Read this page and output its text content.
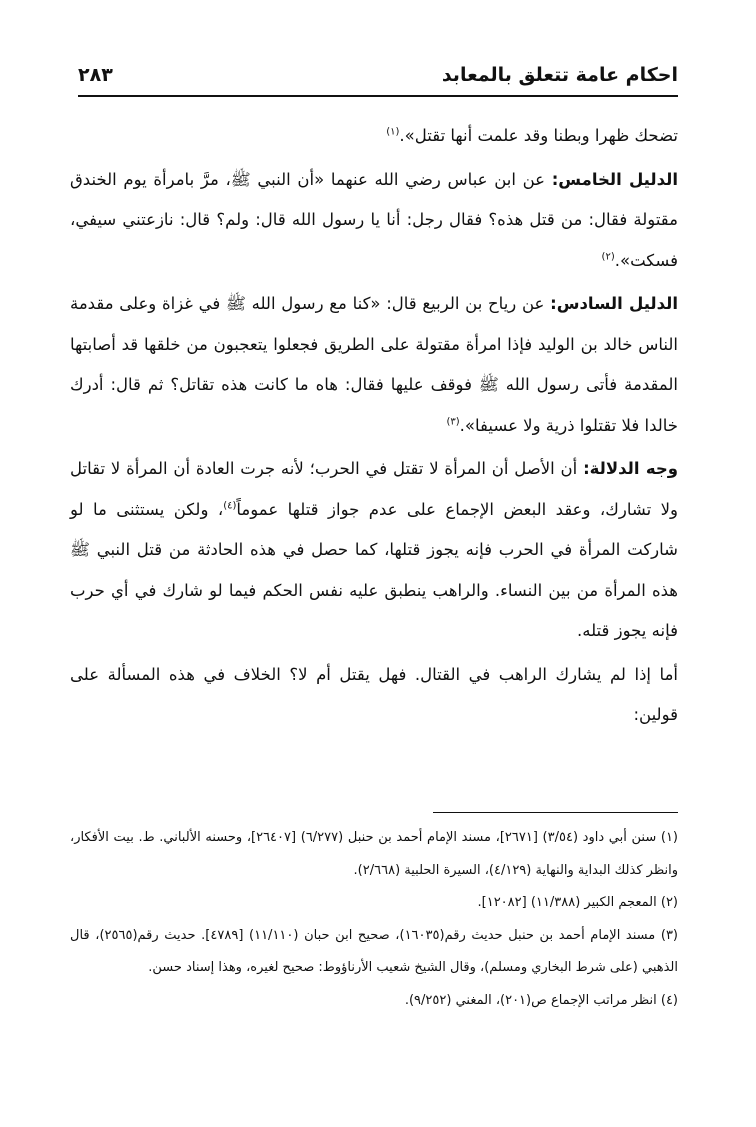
احكام عامة تتعلق بالمعابد
٢٨٣

تضحك ظهرا وبطنا وقد علمت أنها تقتل».$^{(١)}$

الدليل الخامس: عن ابن عباس رضي الله عنهما «أن النبي ﷺ، مرَّ بامرأة يوم الخندق مقتولة فقال: من قتل هذه؟ فقال رجل: أنا يا رسول الله قال: ولم؟ قال: نازعتني سيفي، فسكت».$^{(٢)}$

الدليل السادس: عن رياح بن الربيع قال: «كنا مع رسول الله ﷺ في غزاة وعلى مقدمة الناس خالد بن الوليد فإذا امرأة مقتولة على الطريق فجعلوا يتعجبون من خلقها قد أصابتها المقدمة فأتى رسول الله ﷺ فوقف عليها فقال: هاه ما كانت هذه تقاتل؟ ثم قال: أدرك خالدا فلا تقتلوا ذرية ولا عسيفا».$^{(٣)}$

وجه الدلالة: أن الأصل أن المرأة لا تقتل في الحرب؛ لأنه جرت العادة أن المرأة لا تقاتل ولا تشارك، وعقد البعض الإجماع على عدم جواز قتلها عموماً$^{(٤)}$، ولكن يستثنى ما لو شاركت المرأة في الحرب فإنه يجوز قتلها، كما حصل في هذه الحادثة من قتل النبي ﷺ هذه المرأة من بين النساء. والراهب ينطبق عليه نفس الحكم فيما لو شارك في أي حرب فإنه يجوز قتله.

أما إذا لم يشارك الراهب في القتال. فهل يقتل أم لا؟ الخلاف في هذه المسألة على قولين:

(١) سنن أبي داود (٣/٥٤) [٢٦٧١]، مسند الإمام أحمد بن حنبل (٦/٢٧٧) [٢٦٤٠٧]، وحسنه الألباني. ط. بيت الأفكار، وانظر كذلك البداية والنهاية (٤/١٢٩)، السيرة الحلبية (٢/٦٦٨).

(٢) المعجم الكبير (١١/٣٨٨) [١٢٠٨٢].

(٣) مسند الإمام أحمد بن حنبل حديث رقم(١٦٠٣٥)، صحيح ابن حبان (١١/١١٠) [٤٧٨٩]. حديث رقم(٢٥٦٥)، قال الذهبي (على شرط البخاري ومسلم)، وقال الشيخ شعيب الأرناؤوط: صحيح لغيره، وهذا إسناد حسن.

(٤) انظر مراتب الإجماع ص(٢٠١)، المغني (٩/٢٥٢).
